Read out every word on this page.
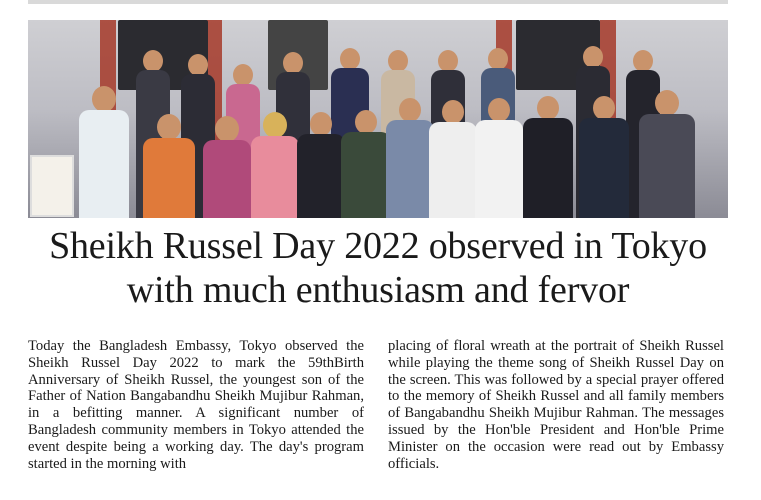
Sheikh Russel Day 2022 observed in Tokyo
with much enthusiasm and fervor

Today the Bangladesh Embassy, Tokyo observed the Sheikh Russel Day 2022 to mark the 59thBirth Anniversary of Sheikh Russel, the youngest son of the Father of Nation Bangabandhu Sheikh Mujibur Rahman, in a befitting manner. A significant number of Bangladesh community members in Tokyo attended the event despite being a working day. The day's program started in the morning with

placing of floral wreath at the portrait of Sheikh Russel while playing the theme song of Sheikh Russel Day on the screen. This was followed by a special prayer offered to the memory of Sheikh Russel and all family members of Bangabandhu Sheikh Mujibur Rahman. The messages issued by the Hon'ble President and Hon'ble Prime Minister on the occasion were read out by Embassy officials.
